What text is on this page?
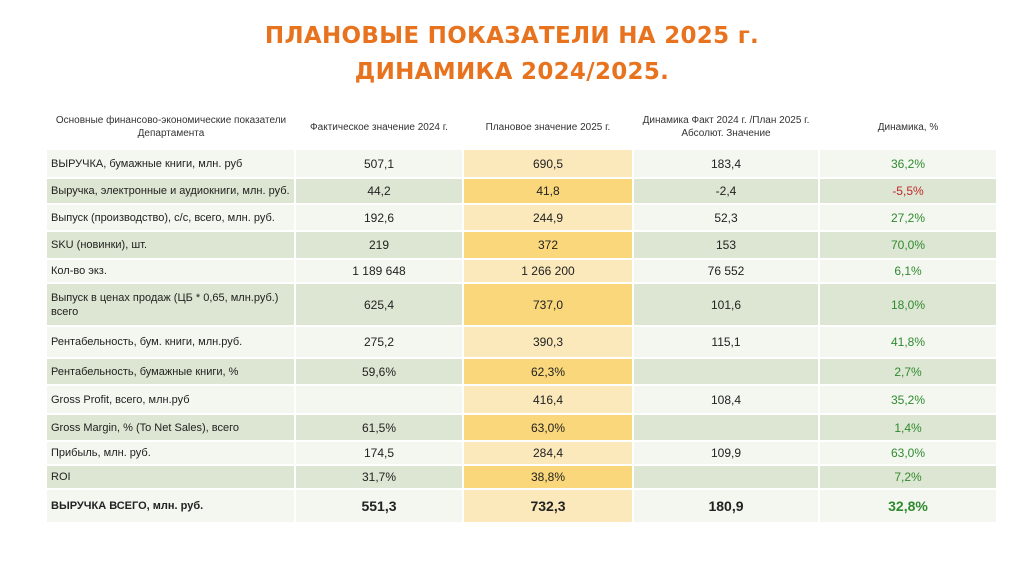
ПЛАНОВЫЕ ПОКАЗАТЕЛИ НА 2025 г.
ДИНАМИКА 2024/2025.
Основные финансово-экономические показатели Департамента	Фактическое значение 2024 г.	Плановое значение 2025 г.	Динамика Факт 2024 г. /План 2025 г. Абсолют. Значение	Динамика, %
ВЫРУЧКА, бумажные книги, млн. руб	507,1	690,5	183,4	36,2%
Выручка, электронные и аудиокниги, млн. руб.	44,2	41,8	-2,4	-5,5%
Выпуск (производство), с/с, всего, млн. руб.	192,6	244,9	52,3	27,2%
SKU (новинки), шт.	219	372	153	70,0%
Кол-во экз.	1 189 648	1 266 200	76 552	6,1%
Выпуск в ценах продаж (ЦБ * 0,65, млн.руб.) всего	625,4	737,0	101,6	18,0%
Рентабельность, бум. книги, млн.руб.	275,2	390,3	115,1	41,8%
Рентабельность, бумажные книги, %	59,6%	62,3%		2,7%
Gross Profit, всего, млн.руб		416,4	108,4	35,2%
Gross Margin, % (To Net Sales), всего	61,5%	63,0%		1,4%
Прибыль, млн. руб.	174,5	284,4	109,9	63,0%
ROI	31,7%	38,8%		7,2%
ВЫРУЧКА ВСЕГО, млн. руб.	551,3	732,3	180,9	32,8%
